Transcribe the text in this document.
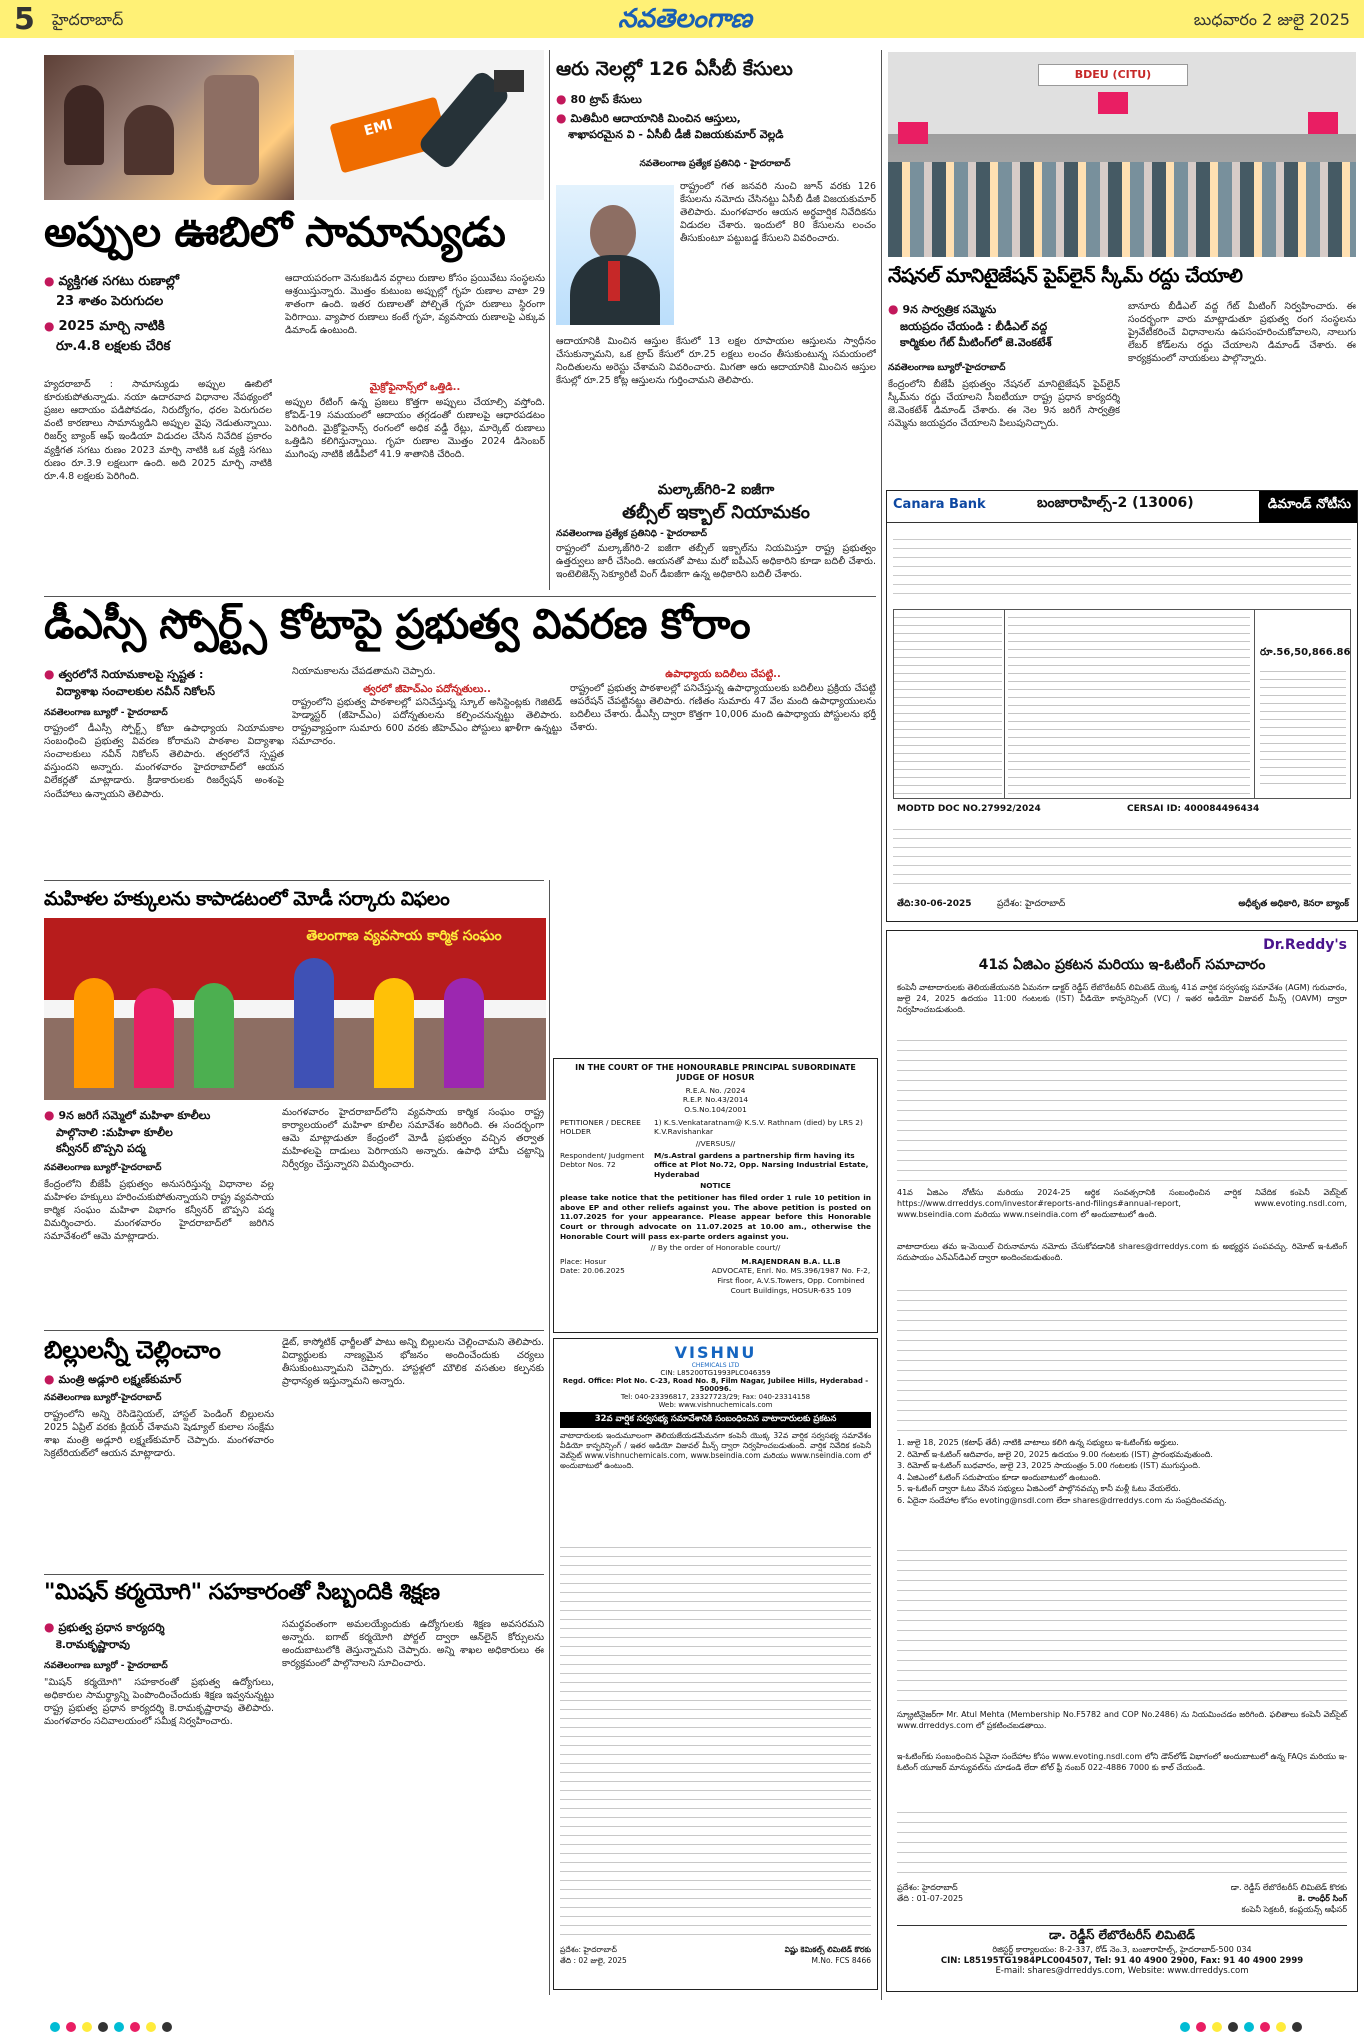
5 హైదరాబాద్	నవతెలంగాణ	బుధవారం 2 జులై 2025
EMI
అప్పుల ఊబిలో సామాన్యుడు
● వ్యక్తిగత సగటు రుణాల్లో
23 శాతం పెరుగుదల
● 2025 మార్చి నాటికి
రూ.4.8 లక్షలకు చేరిక
హ్యదరాబాద్ : సామాన్యుడు అప్పుల ఊబిలో కూరుకుపోతున్నాడు. నయా ఉదారవాద విధానాల నేపథ్యంలో ప్రజల ఆదాయం పడిపోవడం, నిరుద్యోగం, ధరల పెరుగుదల వంటి కారణాలు సామాన్యుడిని అప్పుల వైపు నెడుతున్నాయి. రిజర్వ్ బ్యాంక్ ఆఫ్ ఇండియా విడుదల చేసిన నివేదిక ప్రకారం వ్యక్తిగత సగటు రుణం 2023 మార్చి నాటికి ఒక వ్యక్తి సగటు రుణం రూ.3.9 లక్షలుగా ఉంది. అది 2025 మార్చి నాటికి రూ.4.8 లక్షలకు పెరిగింది.
ఆదాయపరంగా వెనుకబడిన వర్గాలు రుణాల కోసం ప్రయివేటు సంస్థలను ఆశ్రయిస్తున్నారు. మొత్తం కుటుంబ అప్పుల్లో గృహ రుణాల వాటా 29 శాతంగా ఉంది. ఇతర రుణాలతో పోల్చితే గృహ రుణాలు స్థిరంగా పెరిగాయి. వ్యాపార రుణాలు కంటే గృహ, వ్యవసాయ రుణాలపై ఎక్కువ డిమాండ్ ఉంటుంది.
మైక్రోఫైనాన్స్‌లో ఒత్తిడి..
అప్పుల రేటింగ్ ఉన్న ప్రజలు కొత్తగా అప్పులు చేయాల్సి వస్తోంది. కోవిడ్-19 సమయంలో ఆదాయం తగ్గడంతో రుణాలపై ఆధారపడటం పెరిగింది. మైక్రోఫైనాన్స్ రంగంలో అధిక వడ్డీ రేట్లు, మార్కెట్ రుణాలు ఒత్తిడిని కలిగిస్తున్నాయి. గృహ రుణాల మొత్తం 2024 డిసెంబర్ ముగింపు నాటికి జీడీపీలో 41.9 శాతానికి చేరింది.
ఆరు నెలల్లో 126 ఏసీబీ కేసులు
● 80 ట్రాప్ కేసులు
● మితిమీరి ఆదాయానికి మించిన ఆస్తులు,
శాఖాపరమైన వి - ఏసీబీ డీజీ విజయకుమార్ వెల్లడి
నవతెలంగాణ ప్రత్యేక ప్రతినిధి - హైదరాబాద్
రాష్ట్రంలో గత జనవరి నుంచి జూన్ వరకు 126 కేసులను నమోదు చేసినట్టు ఏసీబీ డీజీ విజయకుమార్ తెలిపారు. మంగళవారం ఆయన అర్ధవార్షిక నివేదికను విడుదల చేశారు. ఇందులో 80 కేసులను లంచం తీసుకుంటూ పట్టుబడ్డ కేసులని వివరించారు.
ఆదాయానికి మించిన ఆస్తుల కేసులో 13 లక్షల రూపాయల ఆస్తులను స్వాధీనం చేసుకున్నామని, ఒక ట్రాప్ కేసులో రూ.25 లక్షలు లంచం తీసుకుంటున్న సమయంలో నిందితులను అరెస్టు చేశామని వివరించారు. మిగతా ఆరు ఆదాయానికి మించిన ఆస్తుల కేసుల్లో రూ.25 కోట్ల ఆస్తులను గుర్తించామని తెలిపారు.
మల్కాజ్‌గిరి-2 ఐజీగా
తబ్సీల్ ఇక్బాల్ నియామకం
నవతెలంగాణ ప్రత్యేక ప్రతినిధి - హైదరాబాద్
రాష్ట్రంలో మల్కాజ్‌గిరి-2 ఐజీగా తబ్సీల్ ఇక్బాల్‌ను నియమిస్తూ రాష్ట్ర ప్రభుత్వం ఉత్తర్వులు జారీ చేసింది. ఆయనతో పాటు మరో ఐపీఎస్ అధికారిని కూడా బదిలీ చేశారు. ఇంటెలిజెన్స్ సెక్యూరిటీ వింగ్ డీఐజీగా ఉన్న అధికారిని బదిలీ చేశారు.
BDEU (CITU)
నేషనల్ మానిటైజేషన్ పైప్‌లైన్ స్కీమ్ రద్దు చేయాలి
● 9న సార్వత్రిక సమ్మెను
జయప్రదం చేయండి : బీడీఎల్ వద్ద
కార్మికుల గేట్ మీటింగ్‌లో జె.వెంకటేశ్
నవతెలంగాణ బ్యూరో-హైదరాబాద్
కేంద్రంలోని బీజేపీ ప్రభుత్వం నేషనల్ మానిటైజేషన్ పైప్‌లైన్ స్కీమ్‌ను రద్దు చేయాలని సీఐటీయూ రాష్ట్ర ప్రధాన కార్యదర్శి జె.వెంకటేశ్ డిమాండ్ చేశారు. ఈ నెల 9న జరిగే సార్వత్రిక సమ్మెను జయప్రదం చేయాలని పిలుపునిచ్చారు.
బానూరు బీడీఎల్ వద్ద గేట్ మీటింగ్ నిర్వహించారు. ఈ సందర్భంగా వారు మాట్లాడుతూ ప్రభుత్వ రంగ సంస్థలను ప్రైవేటీకరించే విధానాలను ఉపసంహరించుకోవాలని, నాలుగు లేబర్ కోడ్‌లను రద్దు చేయాలని డిమాండ్ చేశారు. ఈ కార్యక్రమంలో నాయకులు పాల్గొన్నారు.
Canara Bank	బంజారాహిల్స్-2 (13006)	డిమాండ్ నోటీసు
రూ.56,50,866.86
MODTD DOC NO.27992/2024	CERSAI ID: 400084496434
తేది:30-06-2025	ప్రదేశం: హైదరాబాద్	అధీకృత అధికారి, కెనరా బ్యాంక్
డీఎస్సీ స్పోర్ట్స్ కోటాపై ప్రభుత్వ వివరణ కోరాం
● త్వరలోనే నియామకాలపై స్పష్టత :
విద్యాశాఖ సంచాలకుల నవీన్ నికోలస్
నవతెలంగాణ బ్యూరో - హైదరాబాద్
రాష్ట్రంలో డీఎస్సీ స్పోర్ట్స్ కోటా ఉపాధ్యాయ నియామకాల సంబంధించి ప్రభుత్వ వివరణ కోరామని పాఠశాల విద్యాశాఖ సంచాలకులు నవీన్ నికోలస్ తెలిపారు. త్వరలోనే స్పష్టత వస్తుందని అన్నారు. మంగళవారం హైదరాబాద్‌లో ఆయన విలేకర్లతో మాట్లాడారు. క్రీడాకారులకు రిజర్వేషన్ అంశంపై సందేహాలు ఉన్నాయని తెలిపారు.
నియామకాలను చేపడతామని చెప్పారు.
త్వరలో జీహెచ్‌ఎం పదోన్నతులు..
రాష్ట్రంలోని ప్రభుత్వ పాఠశాలల్లో పనిచేస్తున్న స్కూల్ అసిస్టెంట్లకు గెజిటెడ్ హెడ్మాస్టర్ (జీహెచ్‌ఎం) పదోన్నతులను కల్పించనున్నట్టు తెలిపారు. రాష్ట్రవ్యాప్తంగా సుమారు 600 వరకు జీహెచ్‌ఎం పోస్టులు ఖాళీగా ఉన్నట్టు సమాచారం.
ఉపాధ్యాయ బదిలీలు చేపట్టి..
రాష్ట్రంలో ప్రభుత్వ పాఠశాలల్లో పనిచేస్తున్న ఉపాధ్యాయులకు బదిలీలు ప్రక్రియ చేపట్టి ఆపరేషన్ చేపట్టినట్టు తెలిపారు. గణితం సుమారు 47 వేల మంది ఉపాధ్యాయులను బదిలీలు చేశారు. డీఎస్సీ ద్వారా కొత్తగా 10,006 మంది ఉపాధ్యాయ పోస్టులను భర్తీ చేశారు.
మహిళల హక్కులను కాపాడటంలో మోడీ సర్కారు విఫలం
తెలంగాణ వ్యవసాయ కార్మిక సంఘం
● 9న జరిగే సమ్మెలో మహిళా కూలీలు
పాల్గొనాలి :మహిళా కూలీల
కన్వీనర్ బొప్పని పద్మ
నవతెలంగాణ బ్యూరో-హైదరాబాద్
కేంద్రంలోని బీజేపీ ప్రభుత్వం అనుసరిస్తున్న విధానాల వల్ల మహిళల హక్కులు హరించుకుపోతున్నాయని రాష్ట్ర వ్యవసాయ కార్మిక సంఘం మహిళా విభాగం కన్వీనర్ బొప్పని పద్మ విమర్శించారు. మంగళవారం హైదరాబాద్‌లో జరిగిన సమావేశంలో ఆమె మాట్లాడారు.
మంగళవారం హైదరాబాద్‌లోని వ్యవసాయ కార్మిక సంఘం రాష్ట్ర కార్యాలయంలో మహిళా కూలీల సమావేశం జరిగింది. ఈ సందర్భంగా ఆమె మాట్లాడుతూ కేంద్రంలో మోడీ ప్రభుత్వం వచ్చిన తర్వాత మహిళలపై దాడులు పెరిగాయని అన్నారు. ఉపాధి హామీ చట్టాన్ని నిర్వీర్యం చేస్తున్నారని విమర్శించారు.
బిల్లులన్నీ చెల్లించాం
● మంత్రి అడ్లూరి లక్ష్మణ్‌కుమార్
నవతెలంగాణ బ్యూరో-హైదరాబాద్
రాష్ట్రంలోని అన్ని రెసిడెన్షియల్, హాస్టల్ పెండింగ్ బిల్లులను 2025 ఏప్రిల్ వరకు క్లియర్ చేశామని షెడ్యూల్ కులాల సంక్షేమ శాఖ మంత్రి అడ్లూరి లక్ష్మణ్‌కుమార్ చెప్పారు. మంగళవారం సెక్రటేరియట్‌లో ఆయన మాట్లాడారు.
డైట్, కాస్మోటిక్ ఛార్జీలతో పాటు అన్ని బిల్లులను చెల్లించామని తెలిపారు. విద్యార్థులకు నాణ్యమైన భోజనం అందించేందుకు చర్యలు తీసుకుంటున్నామని చెప్పారు. హాస్టళ్లలో మౌలిక వసతుల కల్పనకు ప్రాధాన్యత ఇస్తున్నామని అన్నారు.
"మిషన్ కర్మయోగి" సహకారంతో సిబ్బందికి శిక్షణ
● ప్రభుత్వ ప్రధాన కార్యదర్శి
కె.రామకృష్ణారావు
నవతెలంగాణ బ్యూరో - హైదరాబాద్
"మిషన్ కర్మయోగి" సహకారంతో ప్రభుత్వ ఉద్యోగులు, అధికారుల సామర్థ్యాన్ని పెంపొందించేందుకు శిక్షణ ఇవ్వనున్నట్టు రాష్ట్ర ప్రభుత్వ ప్రధాన కార్యదర్శి కె.రామకృష్ణారావు తెలిపారు. మంగళవారం సచివాలయంలో సమీక్ష నిర్వహించారు.
సమర్థవంతంగా అమలయ్యేందుకు ఉద్యోగులకు శిక్షణ అవసరమని అన్నారు. ఐగాట్ కర్మయోగి పోర్టల్ ద్వారా ఆన్‌లైన్ కోర్సులను అందుబాటులోకి తెస్తున్నామని చెప్పారు. అన్ని శాఖల అధికారులు ఈ కార్యక్రమంలో పాల్గొనాలని సూచించారు.
IN THE COURT OF THE HONOURABLE PRINCIPAL SUBORDINATE JUDGE OF HOSUR
R.E.A. No. /2024
R.E.P. No.43/2014
O.S.No.104/2001
PETITIONER / DECREE HOLDER
1) K.S.Venkataratnam@ K.S.V. Rathnam (died) by LRS 2) K.V.Ravishankar
//VERSUS//
Respondent/ Judgment Debtor Nos. 72
M/s.Astral gardens a partnership firm having its office at Plot No.72, Opp. Narsing Industrial Estate, Hyderabad
NOTICE
please take notice that the petitioner has filed order 1 rule 10 petition in above EP and other reliefs against you. The above petition is posted on 11.07.2025 for your appearance. Please appear before this Honorable Court or through advocate on 11.07.2025 at 10.00 am., otherwise the Honorable Court will pass ex-parte orders against you.
// By the order of Honorable court//
Place: Hosur
Date: 20.06.2025
M.RAJENDRAN B.A. LL.B
ADVOCATE, Enrl. No. MS.396/1987 No. F-2, First floor, A.V.S.Towers, Opp. Combined Court Buildings, HOSUR-635 109
VISHNU
CHEMICALS LTD
CIN: L85200TG1993PLC046359
Regd. Office: Plot No. C-23, Road No. 8, Film Nagar, Jubilee Hills, Hyderabad - 500096.
Tel: 040-23396817, 23327723/29; Fax: 040-23314158
Web: www.vishnuchemicals.com
32వ వార్షిక సర్వసభ్య సమావేశానికి సంబంధించిన వాటాదారులకు ప్రకటన
వాటాదారులకు ఇందుమూలంగా తెలియజేయడమేమనగా కంపెనీ యొక్క 32వ వార్షిక సర్వసభ్య సమావేశం వీడియో కాన్ఫరెన్సింగ్ / ఇతర ఆడియో విజువల్ మీన్స్ ద్వారా నిర్వహించబడుతుంది. వార్షిక నివేదిక కంపెనీ వెబ్‌సైట్ www.vishnuchemicals.com, www.bseindia.com మరియు www.nseindia.com లో అందుబాటులో ఉంటుంది.
ప్రదేశం: హైదరాబాద్
తేది : 02 జులై, 2025
విష్ణు కెమికల్స్ లిమిటెడ్ కొరకు
M.No. FCS 8466
Dr.Reddy's
41వ ఏజిఎం ప్రకటన మరియు ఇ-ఓటింగ్ సమాచారం
కంపెనీ వాటాదారులకు తెలియజేయునది ఏమనగా డాక్టర్ రెడ్డీస్ లేబొరేటరీస్ లిమిటెడ్ యొక్క 41వ వార్షిక సర్వసభ్య సమావేశం (AGM) గురువారం, జులై 24, 2025 ఉదయం 11:00 గంటలకు (IST) వీడియో కాన్ఫరెన్సింగ్ (VC) / ఇతర ఆడియో విజువల్ మీన్స్ (OAVM) ద్వారా నిర్వహించబడుతుంది.
41వ ఏజిఎం నోటీసు మరియు 2024-25 ఆర్థిక సంవత్సరానికి సంబంధించిన వార్షిక నివేదిక కంపెనీ వెబ్‌సైట్ https://www.drreddys.com/investor#reports-and-filings#annual-report, www.evoting.nsdl.com, www.bseindia.com మరియు www.nseindia.com లో అందుబాటులో ఉంది.
వాటాదారులు తమ ఇ-మెయిల్ చిరునామాను నమోదు చేసుకోవడానికి shares@drreddys.com కు అభ్యర్థన పంపవచ్చు. రిమోట్ ఇ-ఓటింగ్ సదుపాయం ఎన్‌ఎస్‌డిఎల్ ద్వారా అందించబడుతుంది.
1. జులై 18, 2025 (కటాఫ్ తేదీ) నాటికి వాటాలు కలిగి ఉన్న సభ్యులు ఇ-ఓటింగ్‌కు అర్హులు.
2. రిమోట్ ఇ-ఓటింగ్ ఆదివారం, జులై 20, 2025 ఉదయం 9.00 గంటలకు (IST) ప్రారంభమవుతుంది.
3. రిమోట్ ఇ-ఓటింగ్ బుధవారం, జులై 23, 2025 సాయంత్రం 5.00 గంటలకు (IST) ముగుస్తుంది.
4. ఏజిఎంలో ఓటింగ్ సదుపాయం కూడా అందుబాటులో ఉంటుంది.
5. ఇ-ఓటింగ్ ద్వారా ఓటు వేసిన సభ్యులు ఏజిఎంలో పాల్గొనవచ్చు కానీ మళ్లీ ఓటు వేయలేరు.
6. ఏదైనా సందేహాల కోసం evoting@nsdl.com లేదా shares@drreddys.com ను సంప్రదించవచ్చు.
స్క్రూటినైజర్‌గా Mr. Atul Mehta (Membership No.F5782 and COP No.2486) ను నియమించడం జరిగింది. ఫలితాలు కంపెనీ వెబ్‌సైట్ www.drreddys.com లో ప్రకటించబడతాయి.
ఇ-ఓటింగ్‌కు సంబంధించిన ఏవైనా సందేహాల కోసం www.evoting.nsdl.com లోని డౌన్‌లోడ్ విభాగంలో అందుబాటులో ఉన్న FAQs మరియు ఇ-ఓటింగ్ యూజర్ మాన్యువల్‌ను చూడండి లేదా టోల్ ఫ్రీ నంబర్ 022-4886 7000 కు కాల్ చేయండి.
ప్రదేశం: హైదరాబాద్
తేది : 01-07-2025
డా. రెడ్డీస్ లేబొరేటరీస్ లిమిటెడ్ కొరకు
కె. రాంధీర్ సింగ్
కంపెనీ సెక్రటరీ, కంప్లయన్స్ ఆఫీసర్
డా. రెడ్డీస్ లేబొరేటరీస్ లిమిటెడ్
రిజిస్టర్డ్ కార్యాలయం: 8-2-337, రోడ్ నెం.3, బంజారాహిల్స్, హైదరాబాద్-500 034
CIN: L85195TG1984PLC004507, Tel: 91 40 4900 2900, Fax: 91 40 4900 2999
E-mail: shares@drreddys.com, Website: www.drreddys.com
